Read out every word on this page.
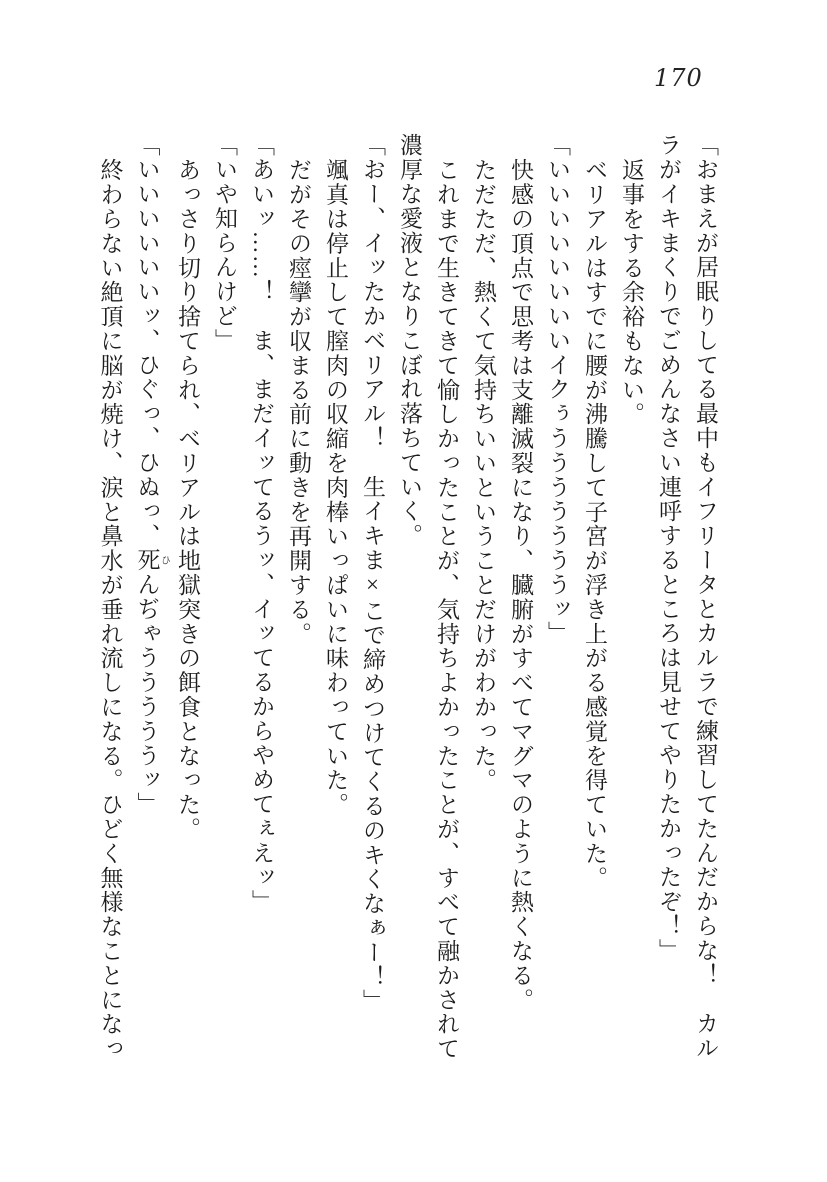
170
「おまえが居眠りしてる最中もイフリータとカルラで練習してたんだからな！　カル
ラがイキまくりでごめんなさい連呼するところは見せてやりたかったぞ！」
返事をする余裕もない。
ベリアルはすでに腰が沸騰して子宮が浮き上がる感覚を得ていた。
「いいいいいいいいイクぅうううううううッ」
快感の頂点で思考は支離滅裂になり、臓腑がすべてマグマのように熱くなる。
ただただ、熱くて気持ちいいということだけがわかった。
これまで生きてきて愉しかったことが、気持ちよかったことが、すべて融かされて
濃厚な愛液となりこぼれ落ちていく。
「おー、イッたかベリアル！　生イキま×こで締めつけてくるのキくなぁー！」
颯真は停止して膣肉の収縮を肉棒いっぱいに味わっていた。
だがその痙攣が収まる前に動きを再開する。
「あいッ……！　ま、まだイッてるうッ、イッてるからやめてぇえッ」
「いや知らんけど」
あっさり切り捨てられ、ベリアルは地獄突きの餌食となった。
「いいいいいいッ、ひぐっ、ひぬっ、死 ひんぢゃうううううッ」
終わらない絶頂に脳が焼け、涙と鼻水が垂れ流しになる。ひどく無様なことになっ
